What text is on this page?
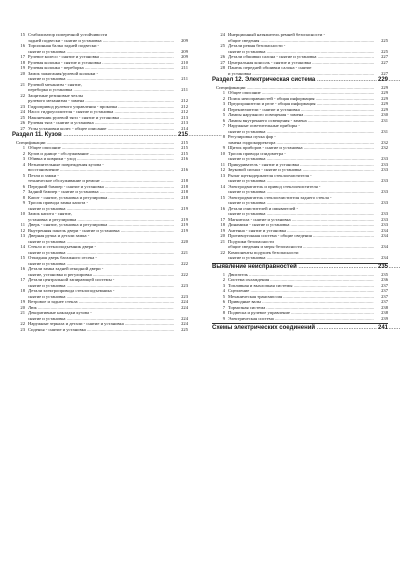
15 Стабилизатор поперечной устойчивости
задней подвески - снятие и установка .....	209
16 Торсионная балка задней подвески -
снятие и установка .....	209
17 Рулевое колесо - снятие и установка .....	209
18 Рулевая колонка - снятие и установка .....	210
19 Рулевая колонка - переборка .....	211
20 Замок зажигания/рулевой колонки -
снятие и установка .....	211
21 Рулевой механизм - снятие,
переборка и установка .....	211
22 Защитные резиновые чехлы
рулевого механизма - замена .....	212
23 Гидропривод рулевого управления - прокачка .....	212
24 Насос гидроусилителя - снятие и установка .....	212
25 Наконечник рулевой тяги - снятие и установка .....	213
26 Рулевая тяга - снятие и установка .....	213
27 Углы установки колес - общее описание .....	214
Раздел 11. Кузов .....	215
Спецификации .....	215
1 Общее описание .....	215
2 Кузов и днище - обслуживание .....	215
3 Обивка и коврики - уход .....	216
4 Незначительные повреждения кузова -
восстановление .....	216
5 Петли и замки -
техническое обслуживание и ремонт .....	218
6 Передний бампер - снятие и установка .....	218
7 Задний бампер - снятие и установка .....	218
8 Капот - снятие, установка и регулировка .....	218
9 Тросик привода замка капота -
снятие и установка .....	219
10 Замок капота - снятие,
установка и регулировка .....	219
11 Дверь - снятие, установка и регулировка .....	219
12 Внутренняя панель двери - снятие и установка .....	219
13 Дверная ручка и детали замка -
снятие и установка .....	220
14 Стекло и стеклоподъемник двери -
снятие и установка .....	221
15 Откидная дверь багажного отсека -
снятие и установка .....	222
16 Детали замка задней откидной двери -
снятие, установка и регулировка .....	222
17 Детали центральной запирающей системы -
снятие и установка .....	223
18 Детали электропривода стеклоподъемника -
снятие и установка .....	223
19 Ветровое и заднее стекла .....	224
20 Люк .....	224
21 Декоративные накладки кузова -
снятие и установка .....	224
22 Наружные зеркала и детали - снятие и установка .....	224
23 Сиденья - снятие и установка .....	225
24 Инерционный натяжитель ремней безопасности -
общие сведения .....	225
25 Детали ремня безопасности -
снятие и установка .....	225
26 Детали обшивки салона - снятие и установка .....	227
27 Центральная консоль - снятие и установка .....	227
28 Панель передней обшивки салона - снятие
и установка .....	227
Раздел 12. Электрическая система .....	229
Спецификации .....	229
1 Общее описание .....	229
2 Поиск неисправностей - общая информация .....	229
3 Предохранители и реле - общая информация .....	229
4 Переключатели - снятие и установка .....	229
5 Лампы наружного освещения - замена .....	230
6 Лампы внутреннего освещения - замена .....	231
7 Наружные осветительные приборы -
снятие и установка .....	231
8 Регулировка пучка фар -
замена гидрокорректора .....	232
9 Щиток приборов - снятие и установка .....	232
10 Тросик привода спидометра -
снятие и установка .....	233
11 Прикуриватель - снятие и установка .....	233
12 Звуковой сигнал - снятие и установка .....	233
13 Рычаг щеткодержателя стеклоочистителя -
снятие и установка .....	233
14 Электродвигатель и привод стеклоочистителя -
снятие и установка .....	233
15 Электродвигатель стеклоочистителя заднего стекла -
снятие и установка .....	233
16 Детали очистителей и омывателей -
снятие и установка .....	233
17 Магнитола - снятие и установка .....	233
18 Динамики - снятие и установка .....	233
19 Антенна - снятие и установка .....	234
20 Противоугонная система - общие сведения .....	234
21 Подушки безопасности
общие сведения и меры безопасности .....	234
22 Компоненты подушек безопасности
снятие и установка .....	234
Выявление неисправностей .....	235
1 Двигатель .....	235
2 Система охлаждения .....	236
3 Топливная и выхлопная системы .....	237
4 Сцепление .....	237
5 Механическая трансмиссия .....	237
6 Приводные валы .....	237
7 Тормозная система .....	238
8 Подвеска и рулевое управление .....	238
9 Электрическая система .....	239
Схемы электрических соединений .....	241
